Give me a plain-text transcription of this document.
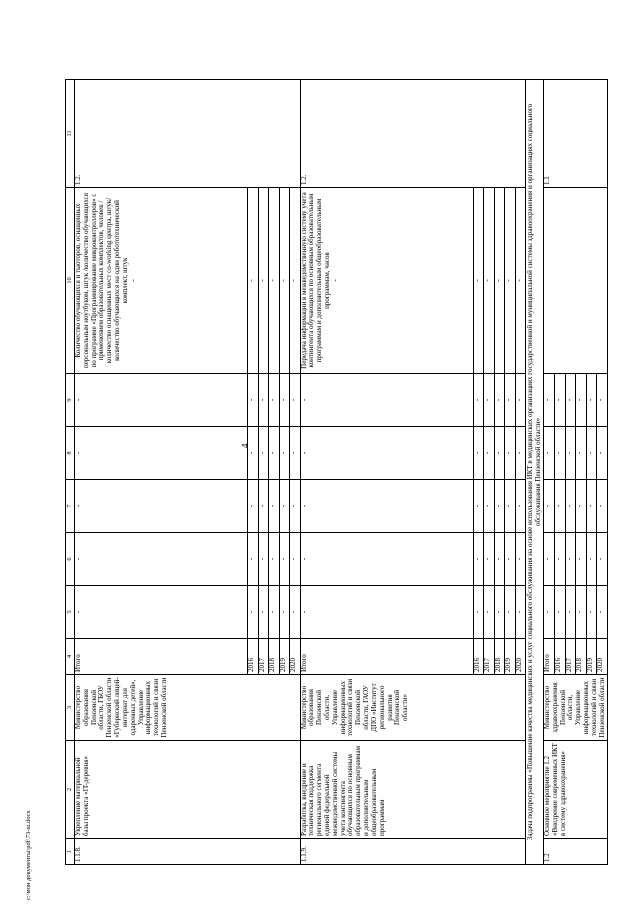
4
c:\мои документы\pdf\73-ш.docx	1	2	3	4	5	6	7	8	9	10	11
1.1.8.	Укрепление материальной базы проекта «IT-деревня»	Министерство образования Пензенской области, ГБОУ Пензенской области «Губернский лицей-интернат для одаренных детей», Управление информационных технологий и связи Пензенской области	Итого	-	-	-	-	-	Количество обучающихся и тьюторов, оснащенных персональным ноутбуком, штук /количество обучающихся по программе «Программирование микроконтроллеров» с применением образовательных комплектов, человек /количество оснащенных мест co-working центра, штук/количество обучающихся на один робототехнический комплект, штук -	1.2.
			2016	-	-	-	-	-	-	
			2017	-	-	-	-	-	-	
			2018	-	-	-	-	-	-	
			2019	-	-	-	-	-	-	
			2020	-	-	-	-	-	-	
1.1.9.	Разработка, внедрение и техническая поддержка регионального сегмента единой федеральной межведомственной системы учета контингента обучающихся по основным образовательным программам и дополнительным общеобразовательным программам	Министерство образования Пензенской области, Управление информационных технологий и связи Пензенской области, ГАОУ ДПО «Институт регионального развития Пензенской области»	Итого	-	-	-	-	-	Передача информации в межведомственную систему учета контингента обучающихся по основным образовательным программам и дополнительным общеобразовательным программам, часов -	1.2.
			2016	-	-	-	-	-	-	
			2017	-	-	-	-	-	-	
			2018	-	-	-	-	-	-	
			2019	-	-	-	-	-	-	
			2020	-	-	-	-	-	-	
Задача подпрограммы «Повышение качества медицинских и услуг социального обслуживания на основе использования ИКТ в медицинских организациях государственной и муниципальной системы здравоохранения и организациях социального обслуживания Пензенской области»										
1.2	Основное мероприятие 1.2 «Внедрение современных ИКТ в систему здравоохранения»	Министерство здравоохранения Пензенской области, Управление информационных технологий и связи Пензенской области	Итого	-	-	-	-	-		1.1
			2016	-	-	-	-	-		
			2017	-	-	-	-	-		
			2018	-	-	-	-	-		
			2019	-	-	-	-	-		
			2020	-	-	-	-	-		
